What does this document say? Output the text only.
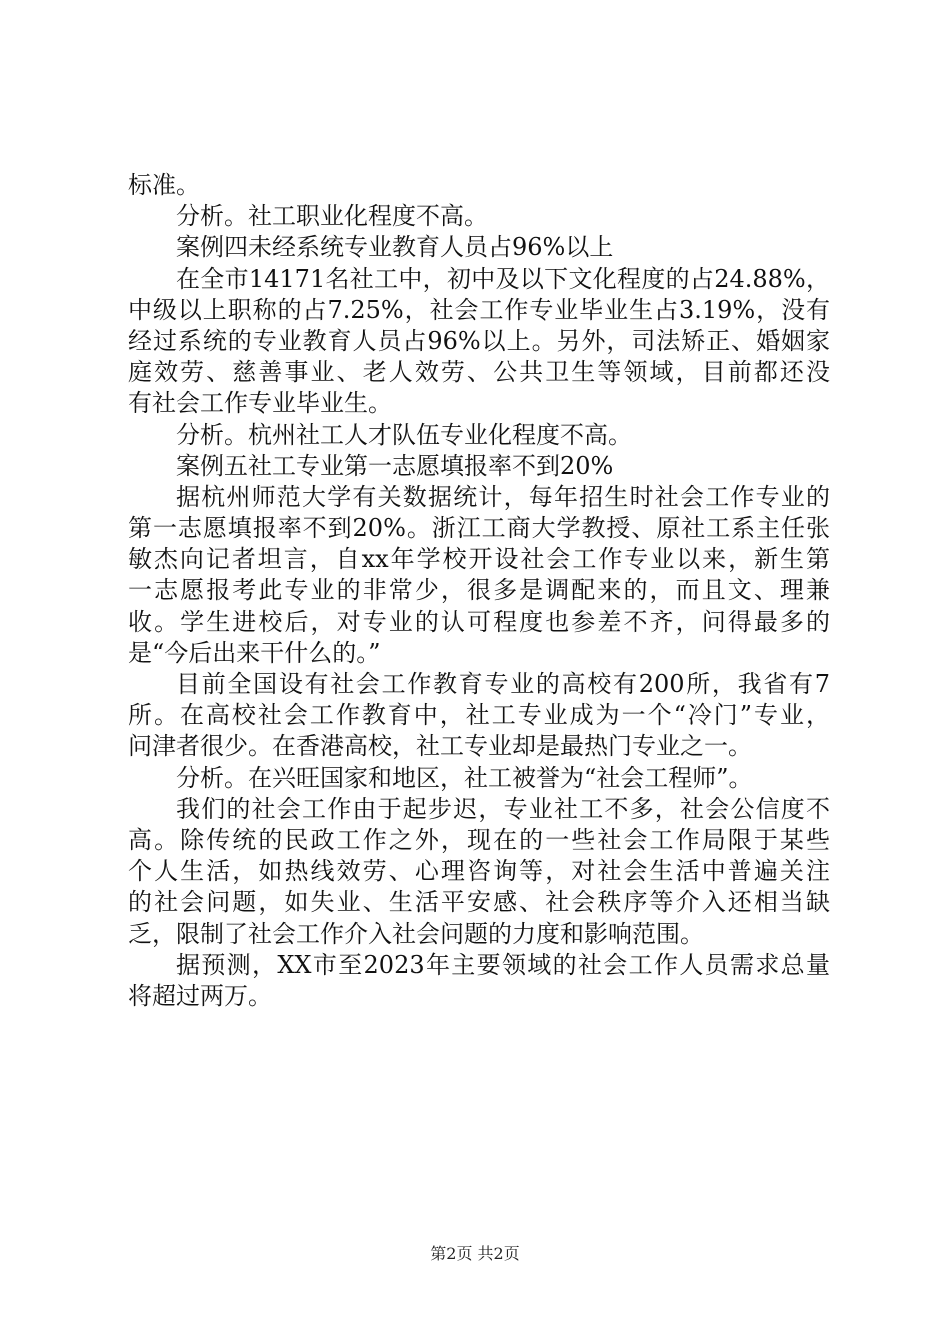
标准。
分析。社工职业化程度不高。
案例四未经系统专业教育人员占96%以上
在全市14171名社工中，初中及以下文化程度的占24.88%，
中级以上职称的占7.25%，社会工作专业毕业生占3.19%，没有
经过系统的专业教育人员占96%以上。另外，司法矫正、婚姻家
庭效劳、慈善事业、老人效劳、公共卫生等领域，目前都还没
有社会工作专业毕业生。
分析。杭州社工人才队伍专业化程度不高。
案例五社工专业第一志愿填报率不到20%
据杭州师范大学有关数据统计，每年招生时社会工作专业的
第一志愿填报率不到20%。浙江工商大学教授、原社工系主任张
敏杰向记者坦言，自xx年学校开设社会工作专业以来，新生第
一志愿报考此专业的非常少，很多是调配来的，而且文、理兼
收。学生进校后，对专业的认可程度也参差不齐，问得最多的
是“今后出来干什么的。”
目前全国设有社会工作教育专业的高校有200所，我省有7
所。在高校社会工作教育中，社工专业成为一个“冷门”专业，
问津者很少。在香港高校，社工专业却是最热门专业之一。
分析。在兴旺国家和地区，社工被誉为“社会工程师”。
我们的社会工作由于起步迟，专业社工不多，社会公信度不
高。除传统的民政工作之外，现在的一些社会工作局限于某些
个人生活，如热线效劳、心理咨询等，对社会生活中普遍关注
的社会问题，如失业、生活平安感、社会秩序等介入还相当缺
乏，限制了社会工作介入社会问题的力度和影响范围。
据预测，XX市至2023年主要领域的社会工作人员需求总量
将超过两万。
第2页 共2页
